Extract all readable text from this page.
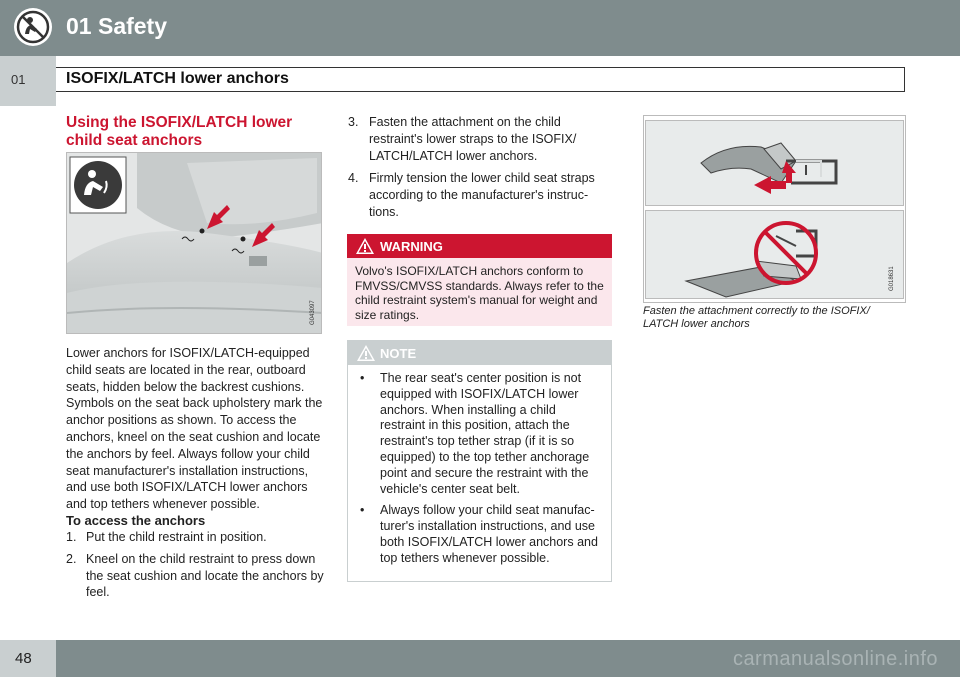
01 Safety
01	ISOFIX/LATCH lower anchors
Using the ISOFIX/LATCH lower child seat anchors
G043097

Lower anchors for ISOFIX/LATCH-equipped child seats are located in the rear, outboard seats, hidden below the backrest cushions. Symbols on the seat back upholstery mark the anchor positions as shown. To access the anchors, kneel on the seat cushion and locate the anchors by feel. Always follow your child seat manufacturer's installation instructions, and use both ISOFIX/LATCH lower anchors and top tethers whenever possible.

To access the anchors
1. Put the child restraint in position.
2. Kneel on the child restraint to press down the seat cushion and locate the anchors by feel.
3. Fasten the attachment on the child restraint's lower straps to the ISOFIX/ LATCH/LATCH lower anchors.
4. Firmly tension the lower child seat straps according to the manufacturer's instruc- tions.
WARNING
Volvo's ISOFIX/LATCH anchors conform to FMVSS/CMVSS standards. Always refer to the child restraint system's manual for weight and size ratings.
NOTE
• The rear seat's center position is not equipped with ISOFIX/LATCH lower anchors. When installing a child restraint in this position, attach the restraint's top tether strap (if it is so equipped) to the top tether anchorage point and secure the restraint with the vehicle's center seat belt.
• Always follow your child seat manufac- turer's installation instructions, and use both ISOFIX/LATCH lower anchors and top tethers whenever possible.
G018631

Fasten the attachment correctly to the ISOFIX/ LATCH lower anchors

48	carmanualsonline.info
